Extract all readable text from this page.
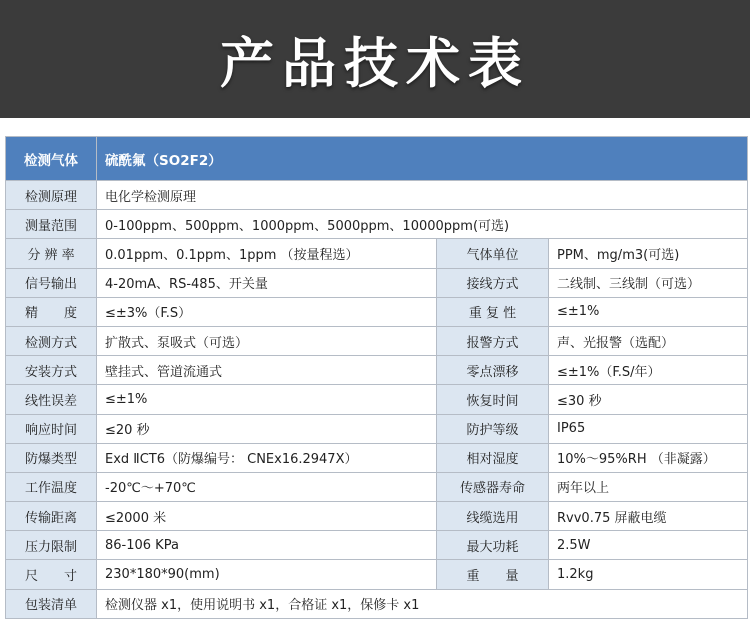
产品技术表
检测气体	硫酰氟（SO2F2）		
检测原理	电化学检测原理		
测量范围	0-100ppm、500ppm、1000ppm、5000ppm、10000ppm(可选)		
分 辨 率	0.01ppm、0.1ppm、1ppm （按量程选）	气体单位	PPM、mg/m3(可选)
信号输出	4-20mA、RS-485、开关量	接线方式	二线制、三线制（可选）
精　　度	≤±3%（F.S）	重 复 性	≤±1%
检测方式	扩散式、泵吸式（可选）	报警方式	声、光报警（选配）
安装方式	壁挂式、管道流通式	零点漂移	≤±1%（F.S/年）
线性误差	≤±1%	恢复时间	≤30 秒
响应时间	≤20 秒	防护等级	IP65
防爆类型	Exd ⅡCT6（防爆编号： CNEx16.2947X）	相对湿度	10%～95%RH （非凝露）
工作温度	-20℃～+70℃	传感器寿命	两年以上
传输距离	≤2000 米	线缆选用	Rvv0.75 屏蔽电缆
压力限制	86-106 KPa	最大功耗	2.5W
尺　　寸	230*180*90(mm)	重　　量	1.2kg
包装清单	检测仪器 x1，使用说明书 x1，合格证 x1，保修卡 x1		
